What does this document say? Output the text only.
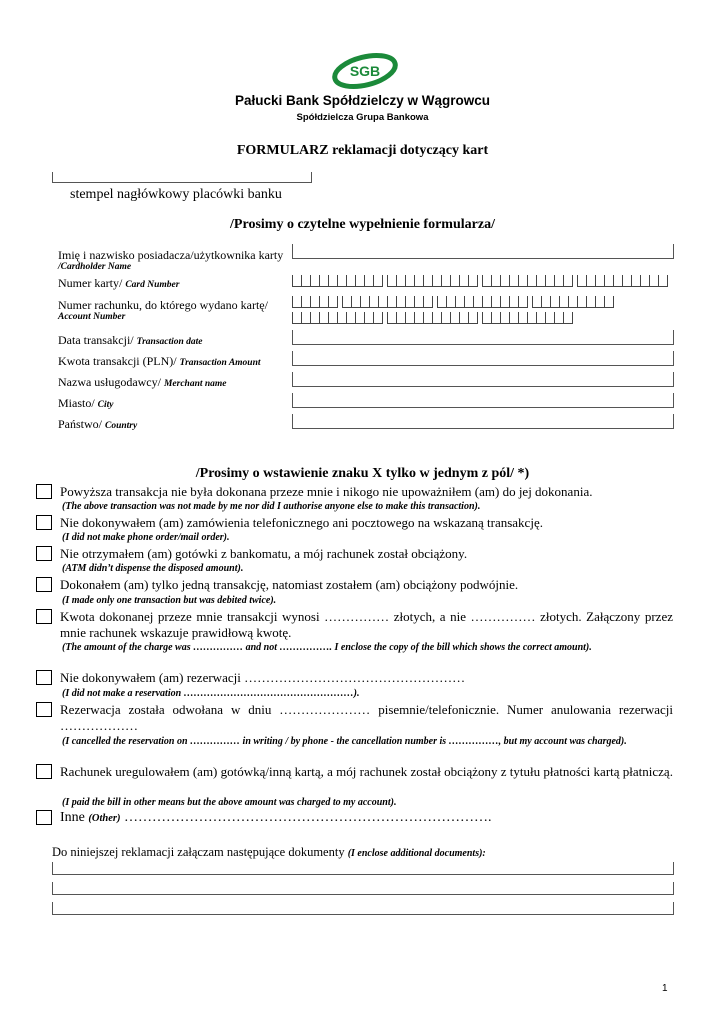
SGB
Pałucki Bank Spółdzielczy w Wągrowcu
Spółdzielcza Grupa Bankowa
FORMULARZ reklamacji dotyczący kart
stempel nagłówkowy placówki banku
/Prosimy o czytelne wypełnienie formularza/
Imię i nazwisko posiadacza/użytkownika karty
/Cardholder Name
Numer karty/ Card Number
Numer rachunku, do którego wydano kartę/
Account Number
Data transakcji/ Transaction date
Kwota transakcji (PLN)/ Transaction Amount
Nazwa usługodawcy/ Merchant name
Miasto/ City
Państwo/ Country
/Prosimy o wstawienie znaku X tylko w jednym z pól/ *)
Powyższa transakcja nie była dokonana przeze mnie i nikogo nie upoważniłem (am) do jej dokonania.
(The above transaction was not made by me nor did I authorise anyone else to make this transaction).
Nie dokonywałem (am) zamówienia telefonicznego ani pocztowego na wskazaną transakcję.
(I did not make phone order/mail order).
Nie otrzymałem (am) gotówki z bankomatu, a mój rachunek został obciążony.
(ATM didn’t dispense the disposed amount).
Dokonałem (am) tylko jedną transakcję, natomiast zostałem (am) obciążony podwójnie.
(I made only one transaction but was debited twice).
Kwota dokonanej przeze mnie transakcji wynosi …………… złotych, a nie …………… złotych. Załączony przez mnie rachunek wskazuje prawidłową kwotę.
(The amount of the charge was …………… and not ……………. I enclose the copy of the bill which shows the correct amount).
Nie dokonywałem (am) rezerwacji ……………………………………………
(I did not make a reservation ……………………………………………).
Rezerwacja została odwołana w dniu ………………… pisemnie/telefonicznie. Numer anulowania rezerwacji ………………
(I cancelled the reservation on …………… in writing / by phone - the cancellation number is ……………, but my account was charged).
Rachunek uregulowałem (am) gotówką/inną kartą, a mój rachunek został obciążony z tytułu płatności kartą płatniczą.
(I paid the bill in other means but the above amount was charged to my account).
Inne (Other) …………………………………………………………………….
Do niniejszej reklamacji załączam następujące dokumenty (I enclose additional documents):
1
